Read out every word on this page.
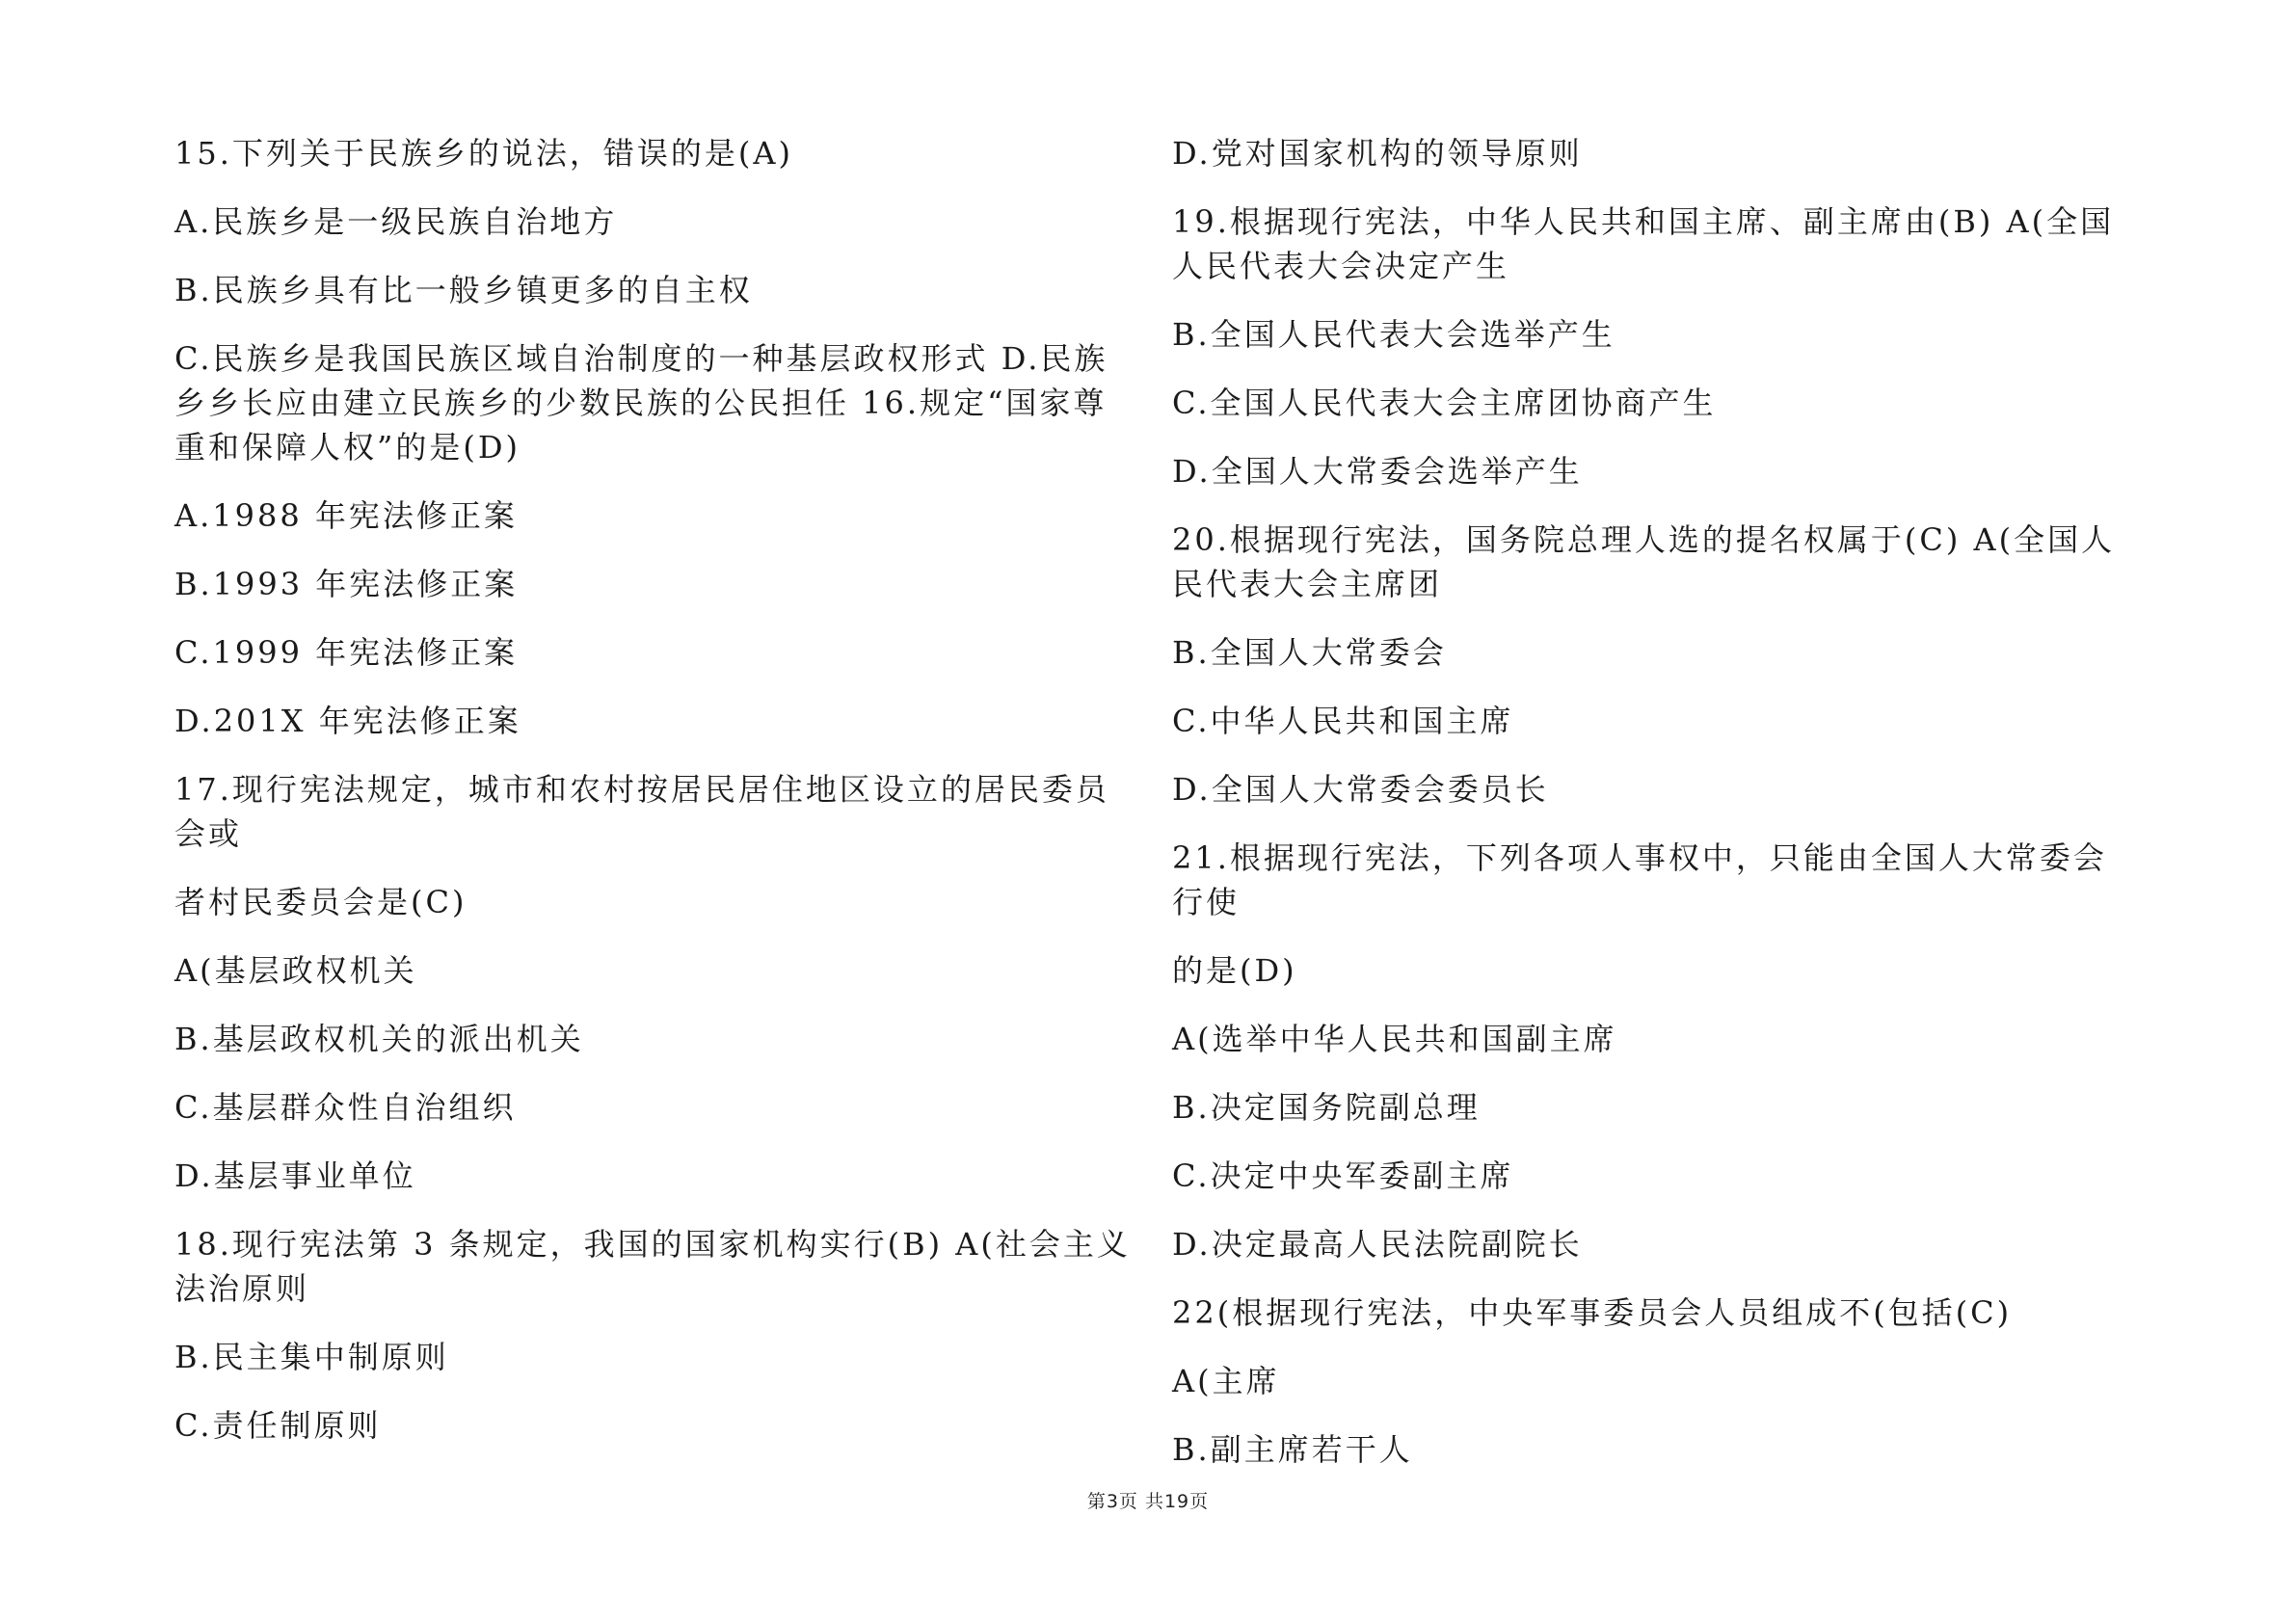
15.下列关于民族乡的说法，错误的是(A)

A.民族乡是一级民族自治地方

B.民族乡具有比一般乡镇更多的自主权

C.民族乡是我国民族区域自治制度的一种基层政权形式 D.民族乡乡长应由建立民族乡的少数民族的公民担任 16.规定“国家尊重和保障人权”的是(D)

A.1988 年宪法修正案

B.1993 年宪法修正案

C.1999 年宪法修正案

D.201X 年宪法修正案

17.现行宪法规定，城市和农村按居民居住地区设立的居民委员会或

者村民委员会是(C)

A(基层政权机关

B.基层政权机关的派出机关

C.基层群众性自治组织

D.基层事业单位

18.现行宪法第 3 条规定，我国的国家机构实行(B) A(社会主义法治原则

B.民主集中制原则

C.责任制原则

D.党对国家机构的领导原则

19.根据现行宪法，中华人民共和国主席、副主席由(B) A(全国人民代表大会决定产生

B.全国人民代表大会选举产生

C.全国人民代表大会主席团协商产生

D.全国人大常委会选举产生

20.根据现行宪法，国务院总理人选的提名权属于(C) A(全国人民代表大会主席团

B.全国人大常委会

C.中华人民共和国主席

D.全国人大常委会委员长

21.根据现行宪法，下列各项人事权中，只能由全国人大常委会行使

的是(D)

A(选举中华人民共和国副主席

B.决定国务院副总理

C.决定中央军委副主席

D.决定最高人民法院副院长

22(根据现行宪法，中央军事委员会人员组成不(包括(C)

A(主席

B.副主席若干人

第3页 共19页
